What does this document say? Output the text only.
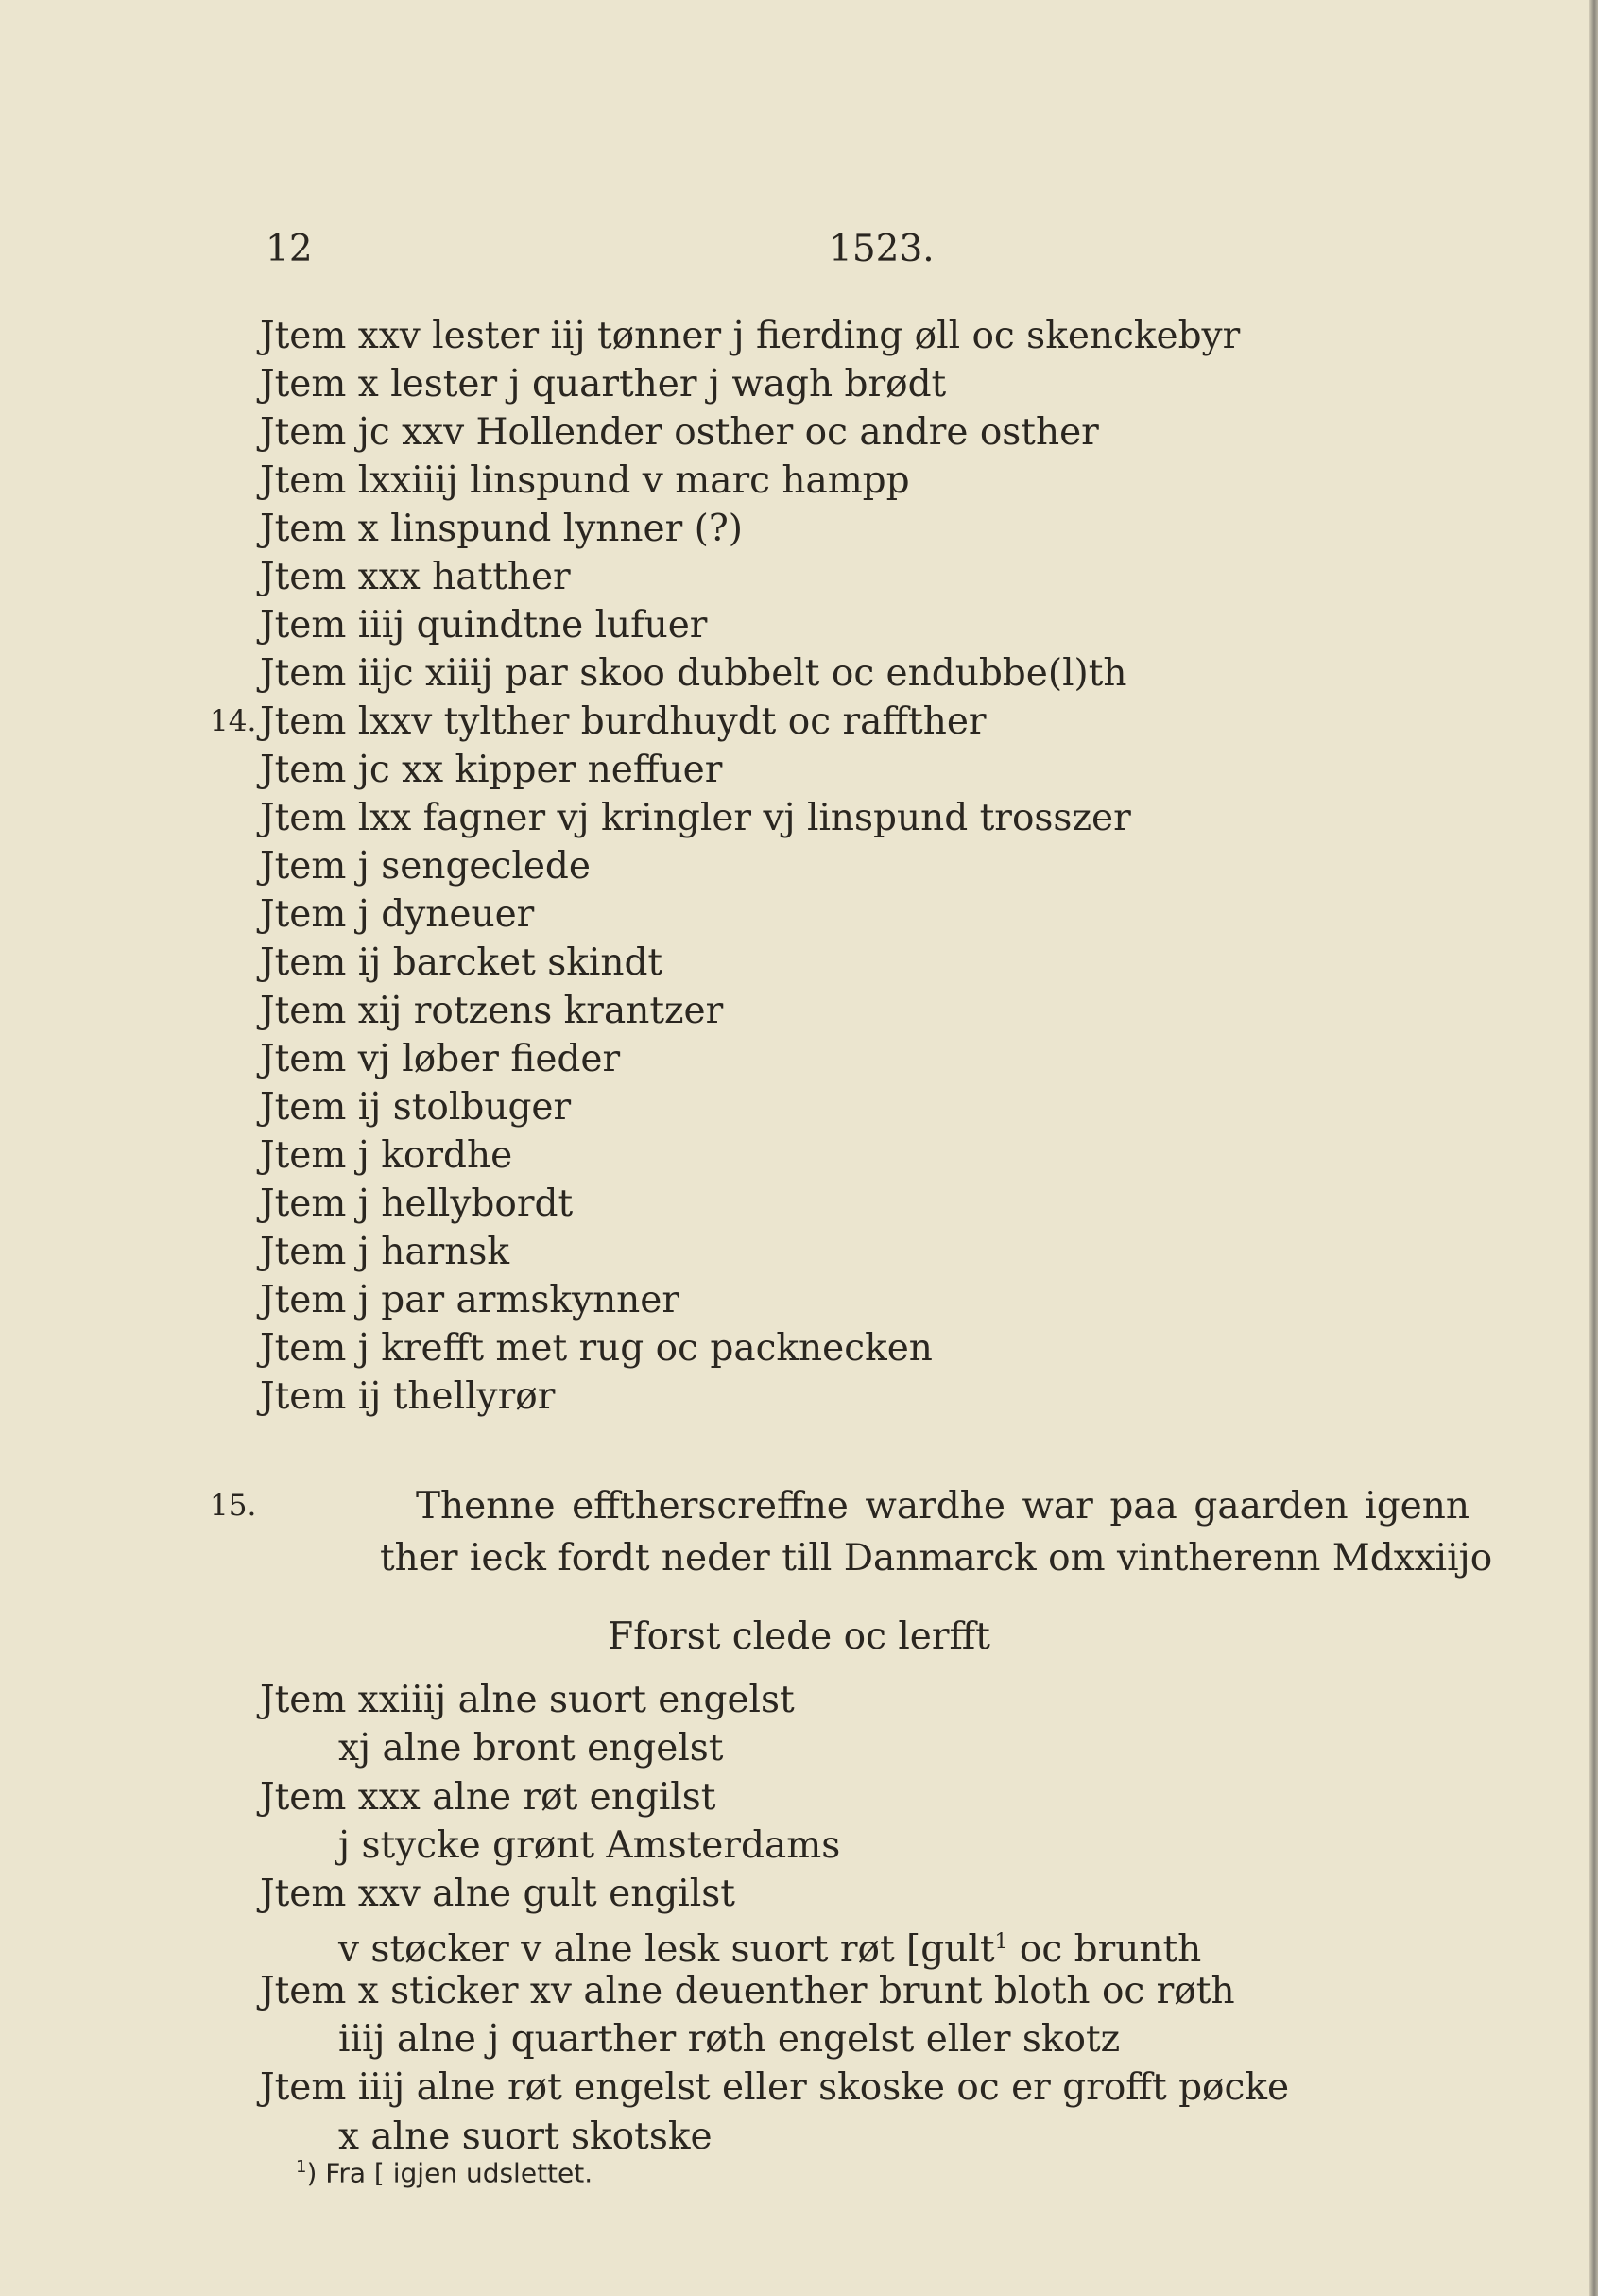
12	1523.
Jtem xxv lester iij tønner j fierding øll oc skenckebyr
Jtem x lester j quarther j wagh brødt
Jtem jc xxv Hollender osther oc andre osther
Jtem lxxiiij linspund v marc hampp
Jtem x linspund lynner (?)
Jtem xxx hatther
Jtem iiij quindtne lufuer
Jtem iijc xiiij par skoo dubbelt oc endubbe(l)th
14. Jtem lxxv tylther burdhuydt oc raffther
Jtem jc xx kipper neffuer
Jtem lxx fagner vj kringler vj linspund trosszer
Jtem j sengeclede
Jtem j dyneuer
Jtem ij barcket skindt
Jtem xij rotzens krantzer
Jtem vj løber fieder
Jtem ij stolbuger
Jtem j kordhe
Jtem j hellybordt
Jtem j harnsk
Jtem j par armskynner
Jtem j krefft met rug oc packnecken
Jtem ij thellyrør
15.	Thenne efftherscreffne wardhe war paa gaarden igenn
ther ieck fordt neder till Danmarck om vintherenn Mdxxiijo
Fforst clede oc lerfft
Jtem xxiiij alne suort engelst
xj alne bront engelst
Jtem xxx alne røt engilst
j stycke grønt Amsterdams
Jtem xxv alne gult engilst
v støcker v alne lesk suort røt [gult$^1$ oc brunth
Jtem x sticker xv alne deuenther brunt bloth oc røth
iiij alne j quarther røth engelst eller skotz
Jtem iiij alne røt engelst eller skoske oc er grofft pøcke
x alne suort skotske
$^1$) Fra [ igjen udslettet.
